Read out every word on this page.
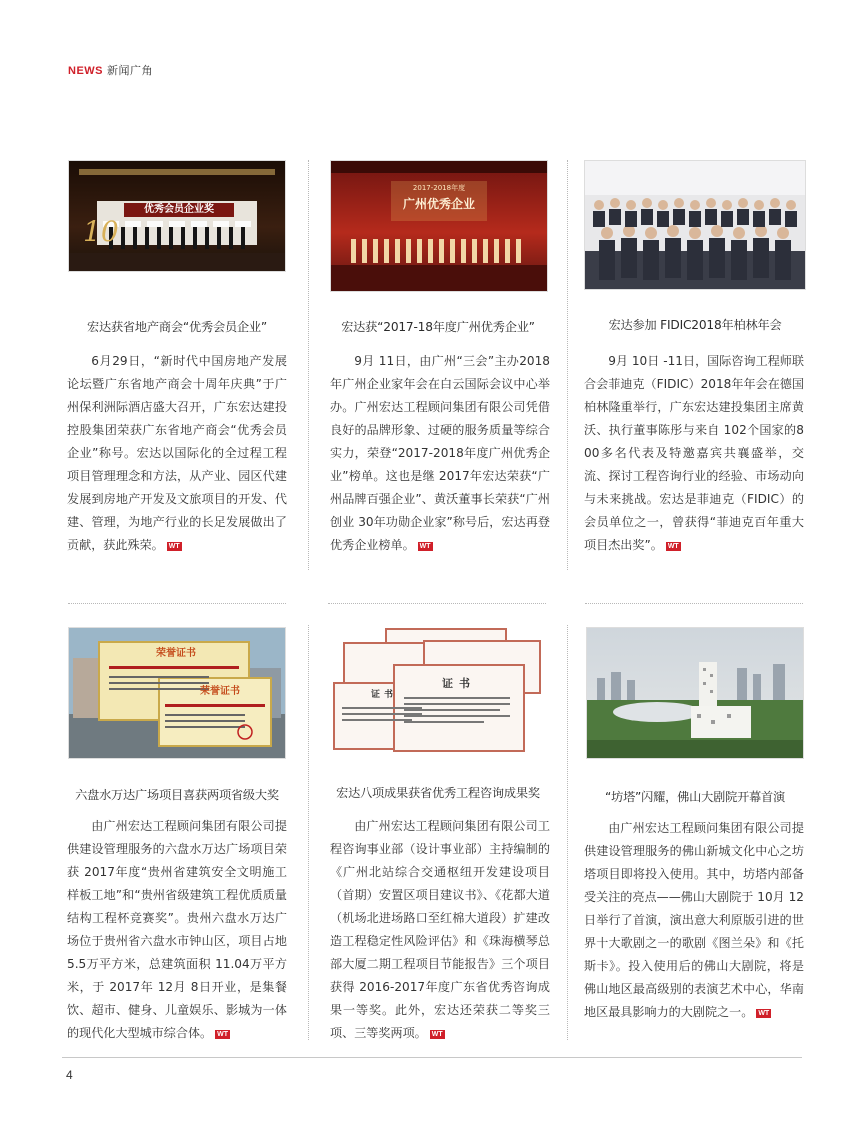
NEWS 新闻广角
10
优秀会员企业奖
宏达获省地产商会“优秀会员企业”

6月29日，“新时代中国房地产发展论坛暨广东省地产商会十周年庆典”于广州保利洲际酒店盛大召开，广东宏达建投控股集团荣获广东省地产商会“优秀会员企业”称号。宏达以国际化的全过程工程项目管理理念和方法，从产业、园区代建发展到房地产开发及文旅项目的开发、代建、管理，为地产行业的长足发展做出了贡献，获此殊荣。 WT

2017-2018年度
广州优秀企业
宏达获“2017-18年度广州优秀企业”

9月 11日，由广州“三会”主办2018年广州企业家年会在白云国际会议中心举办。广州宏达工程顾问集团有限公司凭借良好的品牌形象、过硬的服务质量等综合实力，荣登“2017-2018年度广州优秀企业”榜单。这也是继 2017年宏达荣获“广州品牌百强企业”、黄沃董事长荣获“广州创业 30年功勋企业家”称号后，宏达再登优秀企业榜单。 WT

宏达参加 FIDIC2018年柏林年会

9月 10日 -11日，国际咨询工程师联合会菲迪克（FIDIC）2018年年会在德国柏林隆重举行，广东宏达建投集团主席黄沃、执行董事陈彤与来自 102个国家的800多名代表及特邀嘉宾共襄盛举，交流、探讨工程咨询行业的经验、市场动向与未来挑战。宏达是菲迪克（FIDIC）的会员单位之一，曾获得“菲迪克百年重大项目杰出奖”。 WT

荣誉证书
荣誉证书
六盘水万达广场项目喜获两项省级大奖

由广州宏达工程顾问集团有限公司提供建设管理服务的六盘水万达广场项目荣获 2017年度“贵州省建筑安全文明施工样板工地”和“贵州省级建筑工程优质质量结构工程杯竞赛奖”。贵州六盘水万达广场位于贵州省六盘水市钟山区，项目占地 5.5万平方米，总建筑面积 11.04万平方米，于 2017年 12月 8日开业，是集餐饮、超市、健身、儿童娱乐、影城为一体的现代化大型城市综合体。 WT

证书
证书
宏达八项成果获省优秀工程咨询成果奖

由广州宏达工程顾问集团有限公司工程咨询事业部（设计事业部）主持编制的《广州北站综合交通枢纽开发建设项目（首期）安置区项目建议书》、《花都大道（机场北进场路口至红棉大道段）扩建改造工程稳定性风险评估》和《珠海横琴总部大厦二期工程项目节能报告》三个项目获得 2016-2017年度广东省优秀咨询成果一等奖。此外，宏达还荣获二等奖三项、三等奖两项。 WT

“坊塔”闪耀，佛山大剧院开幕首演

由广州宏达工程顾问集团有限公司提供建设管理服务的佛山新城文化中心之坊塔项目即将投入使用。其中，坊塔内部备受关注的亮点——佛山大剧院于 10月 12日举行了首演，演出意大利原版引进的世界十大歌剧之一的歌剧《图兰朵》和《托斯卡》。投入使用后的佛山大剧院，将是佛山地区最高级别的表演艺术中心，华南地区最具影响力的大剧院之一。 WT

4
